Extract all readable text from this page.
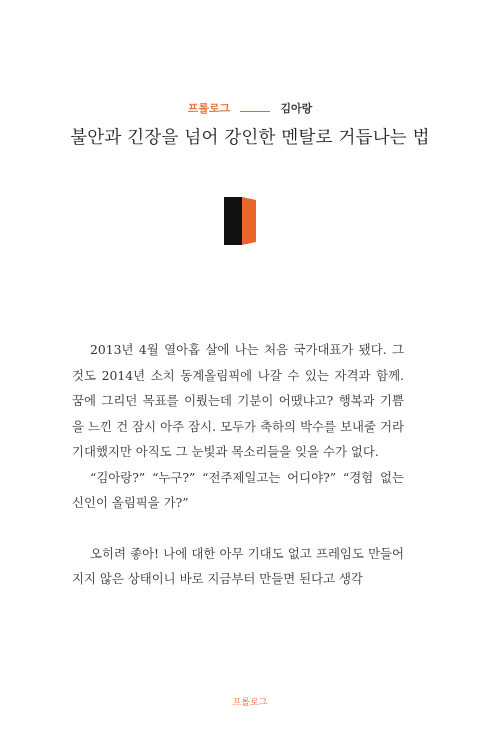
프롤로그	김아랑
불안과 긴장을 넘어 강인한 멘탈로 거듭나는 법

2013년 4월 열아홉 살에 나는 처음 국가대표가 됐다. 그것도 2014년 소치 동계올림픽에 나갈 수 있는 자격과 함께. 꿈에 그리던 목표를 이뤘는데 기분이 어땠냐고? 행복과 기쁨을 느낀 건 잠시 아주 잠시. 모두가 축하의 박수를 보내줄 거라 기대했지만 아직도 그 눈빛과 목소리들을 잊을 수가 없다.

“김아랑?” “누구?” “전주제일고는 어디야?” “경험 없는 신인이 올림픽을 가?”

오히려 좋아! 나에 대한 아무 기대도 없고 프레임도 만들어지지 않은 상태이니 바로 지금부터 만들면 된다고 생각

프롤로그
